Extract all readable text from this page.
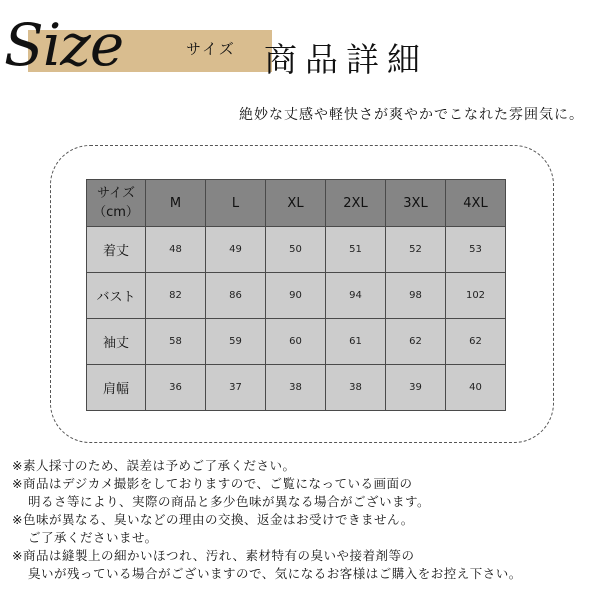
Size	サイズ 商品詳細
絶妙な丈感や軽快さが爽やかでこなれた雰囲気に。
サイズ
（cm）	M	L	XL	2XL	3XL	4XL
着丈	48	49	50	51	52	53
バスト	82	86	90	94	98	102
袖丈	58	59	60	61	62	62
肩幅	36	37	38	38	39	40
※素人採寸のため、誤差は予めご了承ください。
※商品はデジカメ撮影をしておりますので、ご覧になっている画面の
明るさ等により、実際の商品と多少色味が異なる場合がございます。
※色味が異なる、臭いなどの理由の交換、返金はお受けできません。
ご了承くださいませ。
※商品は縫製上の細かいほつれ、汚れ、素材特有の臭いや接着剤等の
臭いが残っている場合がございますので、気になるお客様はご購入をお控え下さい。
